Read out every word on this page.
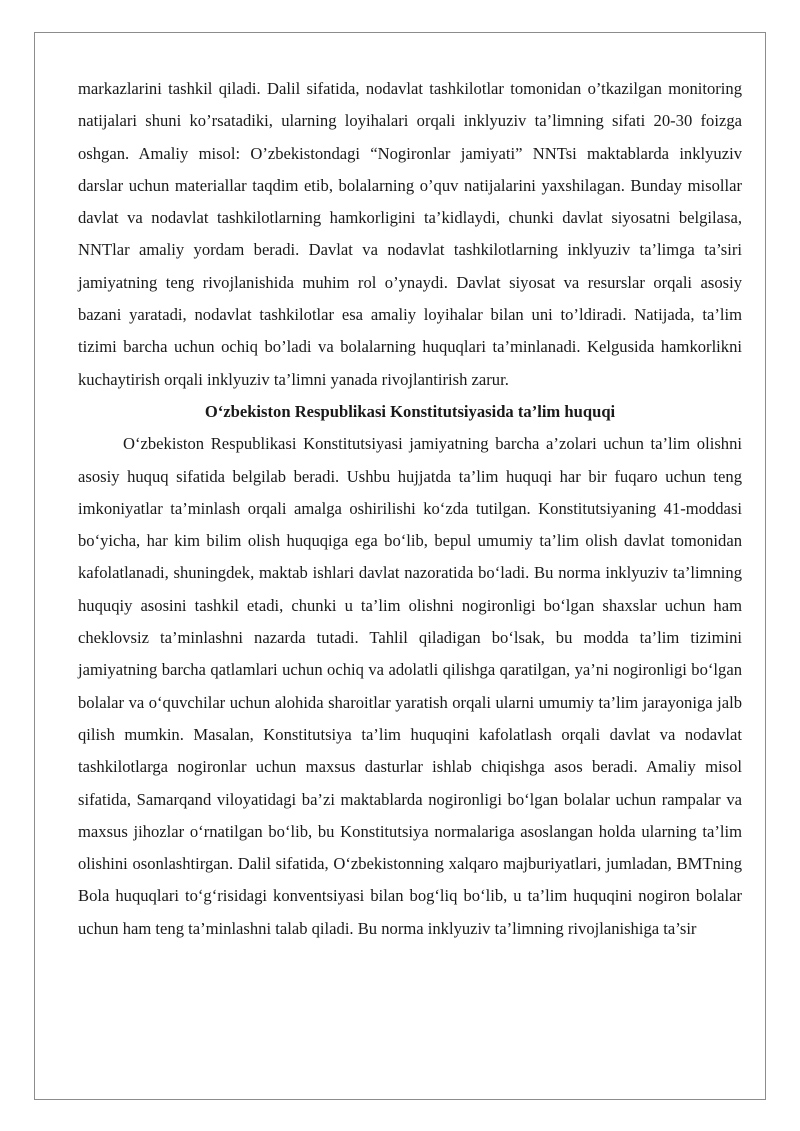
markazlarini tashkil qiladi. Dalil sifatida, nodavlat tashkilotlar tomonidan o’tkazilgan monitoring natijalari shuni ko’rsatadiki, ularning loyihalari orqali inklyuziv ta’limning sifati 20-30 foizga oshgan. Amaliy misol: O’zbekistondagi “Nogironlar jamiyati” NNTsi maktablarda inklyuziv darslar uchun materiallar taqdim etib, bolalarning o’quv natijalarini yaxshilagan. Bunday misollar davlat va nodavlat tashkilotlarning hamkorligini ta’kidlaydi, chunki davlat siyosatni belgilasa, NNTlar amaliy yordam beradi. Davlat va nodavlat tashkilotlarning inklyuziv ta’limga ta’siri jamiyatning teng rivojlanishida muhim rol o’ynaydi. Davlat siyosat va resurslar orqali asosiy bazani yaratadi, nodavlat tashkilotlar esa amaliy loyihalar bilan uni to’ldiradi. Natijada, ta’lim tizimi barcha uchun ochiq bo’ladi va bolalarning huquqlari ta’minlanadi. Kelgusida hamkorlikni kuchaytirish orqali inklyuziv ta’limni yanada rivojlantirish zarur.

O‘zbekiston Respublikasi Konstitutsiyasida ta’lim huquqi

O‘zbekiston Respublikasi Konstitutsiyasi jamiyatning barcha a’zolari uchun ta’lim olishni asosiy huquq sifatida belgilab beradi. Ushbu hujjatda ta’lim huquqi har bir fuqaro uchun teng imkoniyatlar ta’minlash orqali amalga oshirilishi ko‘zda tutilgan. Konstitutsiyaning 41-moddasi bo‘yicha, har kim bilim olish huquqiga ega bo‘lib, bepul umumiy ta’lim olish davlat tomonidan kafolatlanadi, shuningdek, maktab ishlari davlat nazoratida bo‘ladi. Bu norma inklyuziv ta’limning huquqiy asosini tashkil etadi, chunki u ta’lim olishni nogironligi bo‘lgan shaxslar uchun ham cheklovsiz ta’minlashni nazarda tutadi. Tahlil qiladigan bo‘lsak, bu modda ta’lim tizimini jamiyatning barcha qatlamlari uchun ochiq va adolatli qilishga qaratilgan, ya’ni nogironligi bo‘lgan bolalar va o‘quvchilar uchun alohida sharoitlar yaratish orqali ularni umumiy ta’lim jarayoniga jalb qilish mumkin. Masalan, Konstitutsiya ta’lim huquqini kafolatlash orqali davlat va nodavlat tashkilotlarga nogironlar uchun maxsus dasturlar ishlab chiqishga asos beradi. Amaliy misol sifatida, Samarqand viloyatidagi ba’zi maktablarda nogironligi bo‘lgan bolalar uchun rampalar va maxsus jihozlar o‘rnatilgan bo‘lib, bu Konstitutsiya normalariga asoslangan holda ularning ta’lim olishini osonlashtirgan. Dalil sifatida, O‘zbekistonning xalqaro majburiyatlari, jumladan, BMTning Bola huquqlari to‘g‘risidagi konventsiyasi bilan bog‘liq bo‘lib, u ta’lim huquqini nogiron bolalar uchun ham teng ta’minlashni talab qiladi. Bu norma inklyuziv ta’limning rivojlanishiga ta’sir
